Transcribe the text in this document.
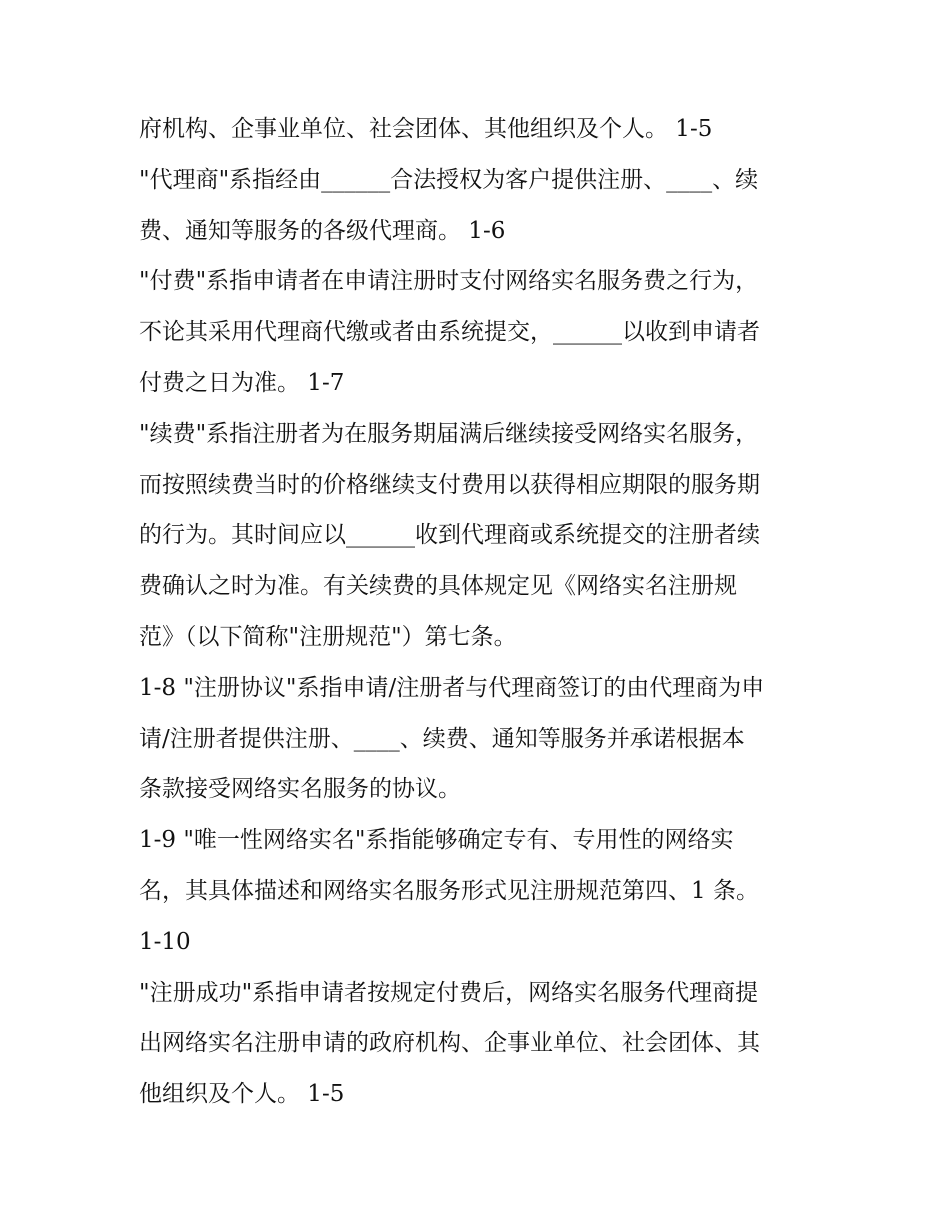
府机构、企事业单位、社会团体、其他组织及个人。 1-5
"代理商"系指经由______合法授权为客户提供注册、____、续
费、通知等服务的各级代理商。 1-6
"付费"系指申请者在申请注册时支付网络实名服务费之行为，
不论其采用代理商代缴或者由系统提交，______以收到申请者
付费之日为准。 1-7
"续费"系指注册者为在服务期届满后继续接受网络实名服务，
而按照续费当时的价格继续支付费用以获得相应期限的服务期
的行为。其时间应以______收到代理商或系统提交的注册者续
费确认之时为准。有关续费的具体规定见《网络实名注册规
范》（以下简称"注册规范"）第七条。
1-8 "注册协议"系指申请/注册者与代理商签订的由代理商为申
请/注册者提供注册、____、续费、通知等服务并承诺根据本
条款接受网络实名服务的协议。
1-9 "唯一性网络实名"系指能够确定专有、专用性的网络实
名，其具体描述和网络实名服务形式见注册规范第四、1 条。
1-10
"注册成功"系指申请者按规定付费后，网络实名服务代理商提
出网络实名注册申请的政府机构、企事业单位、社会团体、其
他组织及个人。 1-5
